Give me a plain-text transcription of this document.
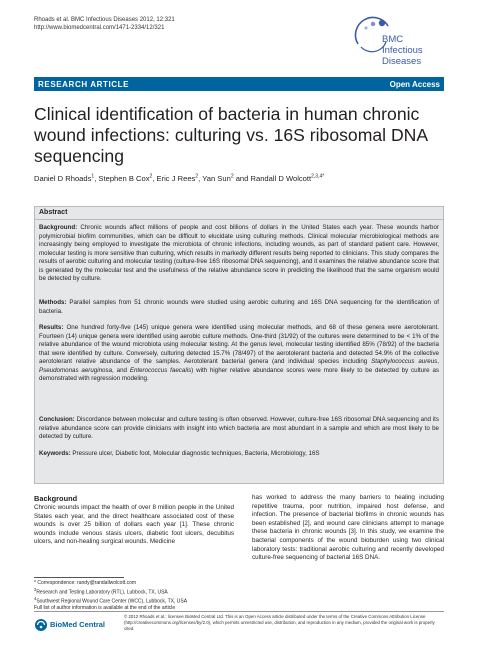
Rhoads et al. BMC Infectious Diseases 2012, 12:321
http://www.biomedcentral.com/1471-2334/12/321
BMC
Infectious Diseases
RESEARCH ARTICLE	Open Access
Clinical identification of bacteria in human chronic wound infections: culturing vs. 16S ribosomal DNA sequencing
Daniel D Rhoads$^1$, Stephen B Cox$^2$, Eric J Rees$^2$, Yan Sun$^2$ and Randall D Wolcott$^{2,3,4*}$
Abstract
Background: Chronic wounds affect millions of people and cost billions of dollars in the United States each year. These wounds harbor polymicrobial biofilm communities, which can be difficult to elucidate using culturing methods. Clinical molecular microbiological methods are increasingly being employed to investigate the microbiota of chronic infections, including wounds, as part of standard patient care. However, molecular testing is more sensitive than culturing, which results in markedly different results being reported to clinicians. This study compares the results of aerobic culturing and molecular testing (culture-free 16S ribosomal DNA sequencing), and it examines the relative abundance score that is generated by the molecular test and the usefulness of the relative abundance score in predicting the likelihood that the same organism would be detected by culture.
Methods: Parallel samples from 51 chronic wounds were studied using aerobic culturing and 16S DNA sequencing for the identification of bacteria.
Results: One hundred forty-five (145) unique genera were identified using molecular methods, and 68 of these genera were aerotolerant. Fourteen (14) unique genera were identified using aerobic culture methods. One-third (31/92) of the cultures were determined to be < 1% of the relative abundance of the wound microbiota using molecular testing. At the genus level, molecular testing identified 85% (78/92) of the bacteria that were identified by culture. Conversely, culturing detected 15.7% (78/497) of the aerotolerant bacteria and detected 54.9% of the collective aerotolerant relative abundance of the samples. Aerotolerant bacterial genera (and individual species including Staphylococcus aureus, Pseudomonas aeruginosa, and Enterococcus faecalis) with higher relative abundance scores were more likely to be detected by culture as demonstrated with regression modeling.
Conclusion: Discordance between molecular and culture testing is often observed. However, culture-free 16S ribosomal DNA sequencing and its relative abundance score can provide clinicians with insight into which bacteria are most abundant in a sample and which are most likely to be detected by culture.
Keywords: Pressure ulcer, Diabetic foot, Molecular diagnostic techniques, Bacteria, Microbiology, 16S
Background
Chronic wounds impact the health of over 8 million people in the United States each year, and the direct healthcare associated cost of these wounds is over 25 billion of dollars each year [1]. These chronic wounds include venous stasis ulcers, diabetic foot ulcers, decubitus ulcers, and non-healing surgical wounds. Medicine
has worked to address the many barriers to healing including repetitive trauma, poor nutrition, impaired host defense, and infection. The presence of bacterial biofilms in chronic wounds has been established [2], and wound care clinicians attempt to manage these bacteria in chronic wounds [3]. In this study, we examine the bacterial components of the wound bioburden using two clinical laboratory tests: traditional aerobic culturing and recently developed culture-free sequencing of bacterial 16S DNA.
* Correspondence: randy@randallwolcott.com
$^3$Research and Testing Laboratory (RTL), Lubbock, TX, USA
$^4$Southwest Regional Wound Care Center (WCC), Lubbock, TX, USA
Full list of author information is available at the end of the article
BioMed Central
© 2012 Rhoads et al.; licensee BioMed Central Ltd. This is an Open Access article distributed under the terms of the Creative Commons Attribution License (http://creativecommons.org/licenses/by/2.0), which permits unrestricted use, distribution, and reproduction in any medium, provided the original work is properly cited.
